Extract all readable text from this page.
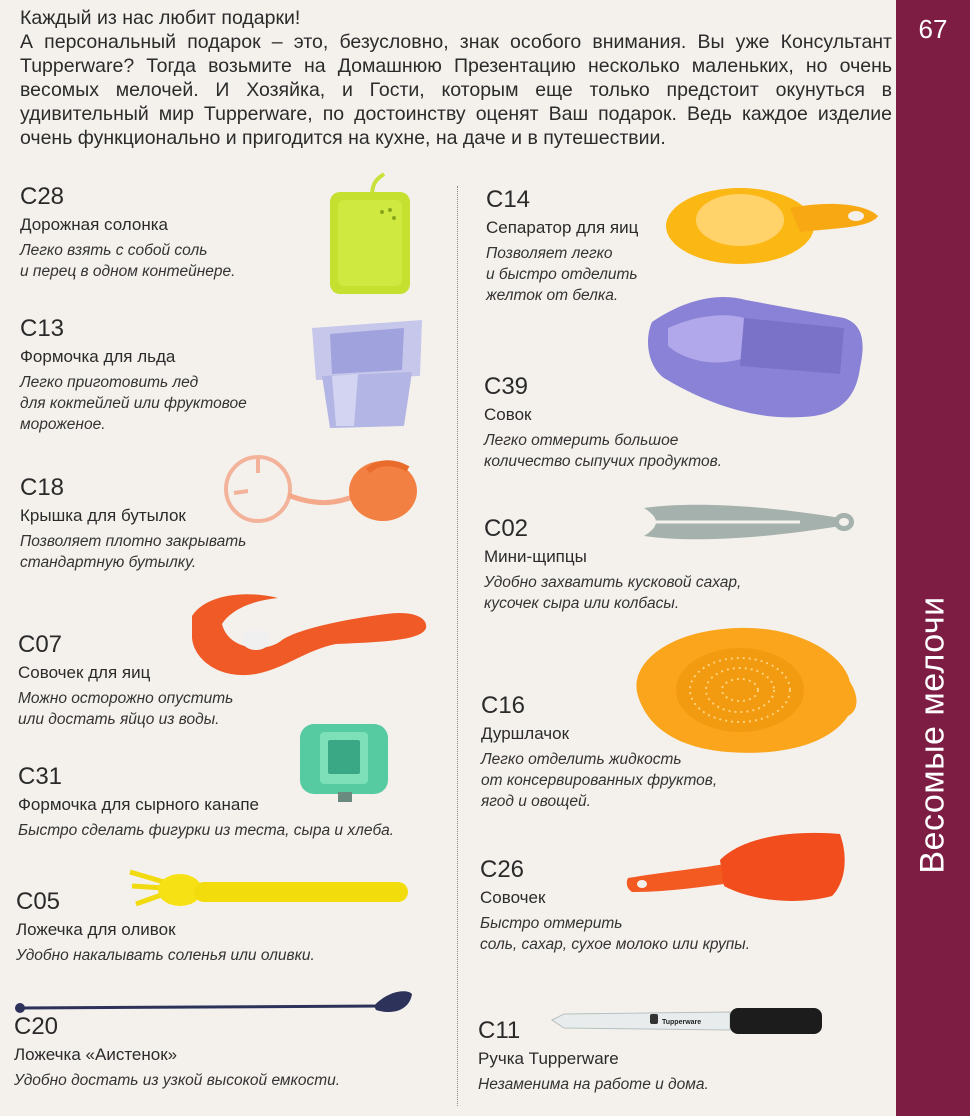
Каждый из нас любит подарки!

А персональный подарок – это, безусловно, знак особого внимания. Вы уже Консультант Tupperware? Тогда возьмите на Домашнюю Презентацию несколько маленьких, но очень весомых мелочей. И Хозяйка, и Гости, которым еще только предстоит окунуться в удивительный мир Tupperware, по достоинству оценят Ваш подарок. Ведь каждое изделие очень функционально и пригодится на кухне, на даче и в путешествии.

67
Весомые мелочи
C28
Дорожная солонка
Легко взять с собой соль
и перец в одном контейнере.
C13
Формочка для льда
Легко приготовить лед
для коктейлей или фруктовое
мороженое.
C18
Крышка для бутылок
Позволяет плотно закрывать
стандартную бутылку.
C07
Совочек для яиц
Можно осторожно опустить
или достать яйцо из воды.
C31
Формочка для сырного канапе
Быстро сделать фигурки из теста, сыра и хлеба.
C05
Ложечка для оливок
Удобно накалывать соленья или оливки.
C20
Ложечка «Аистенок»
Удобно достать из узкой высокой емкости.
C14
Сепаратор для яиц
Позволяет легко
и быстро отделить
желток от белка.
C39
Совок
Легко отмерить большое
количество сыпучих продуктов.
C02
Мини-щипцы
Удобно захватить кусковой сахар,
кусочек сыра или колбасы.
C16
Дуршлачок
Легко отделить жидкость
от консервированных фруктов,
ягод и овощей.
C26
Совочек
Быстро отмерить
соль, сахар, сухое молоко или крупы.
C11
Ручка Tupperware
Незаменима на работе и дома.
Tupperware
